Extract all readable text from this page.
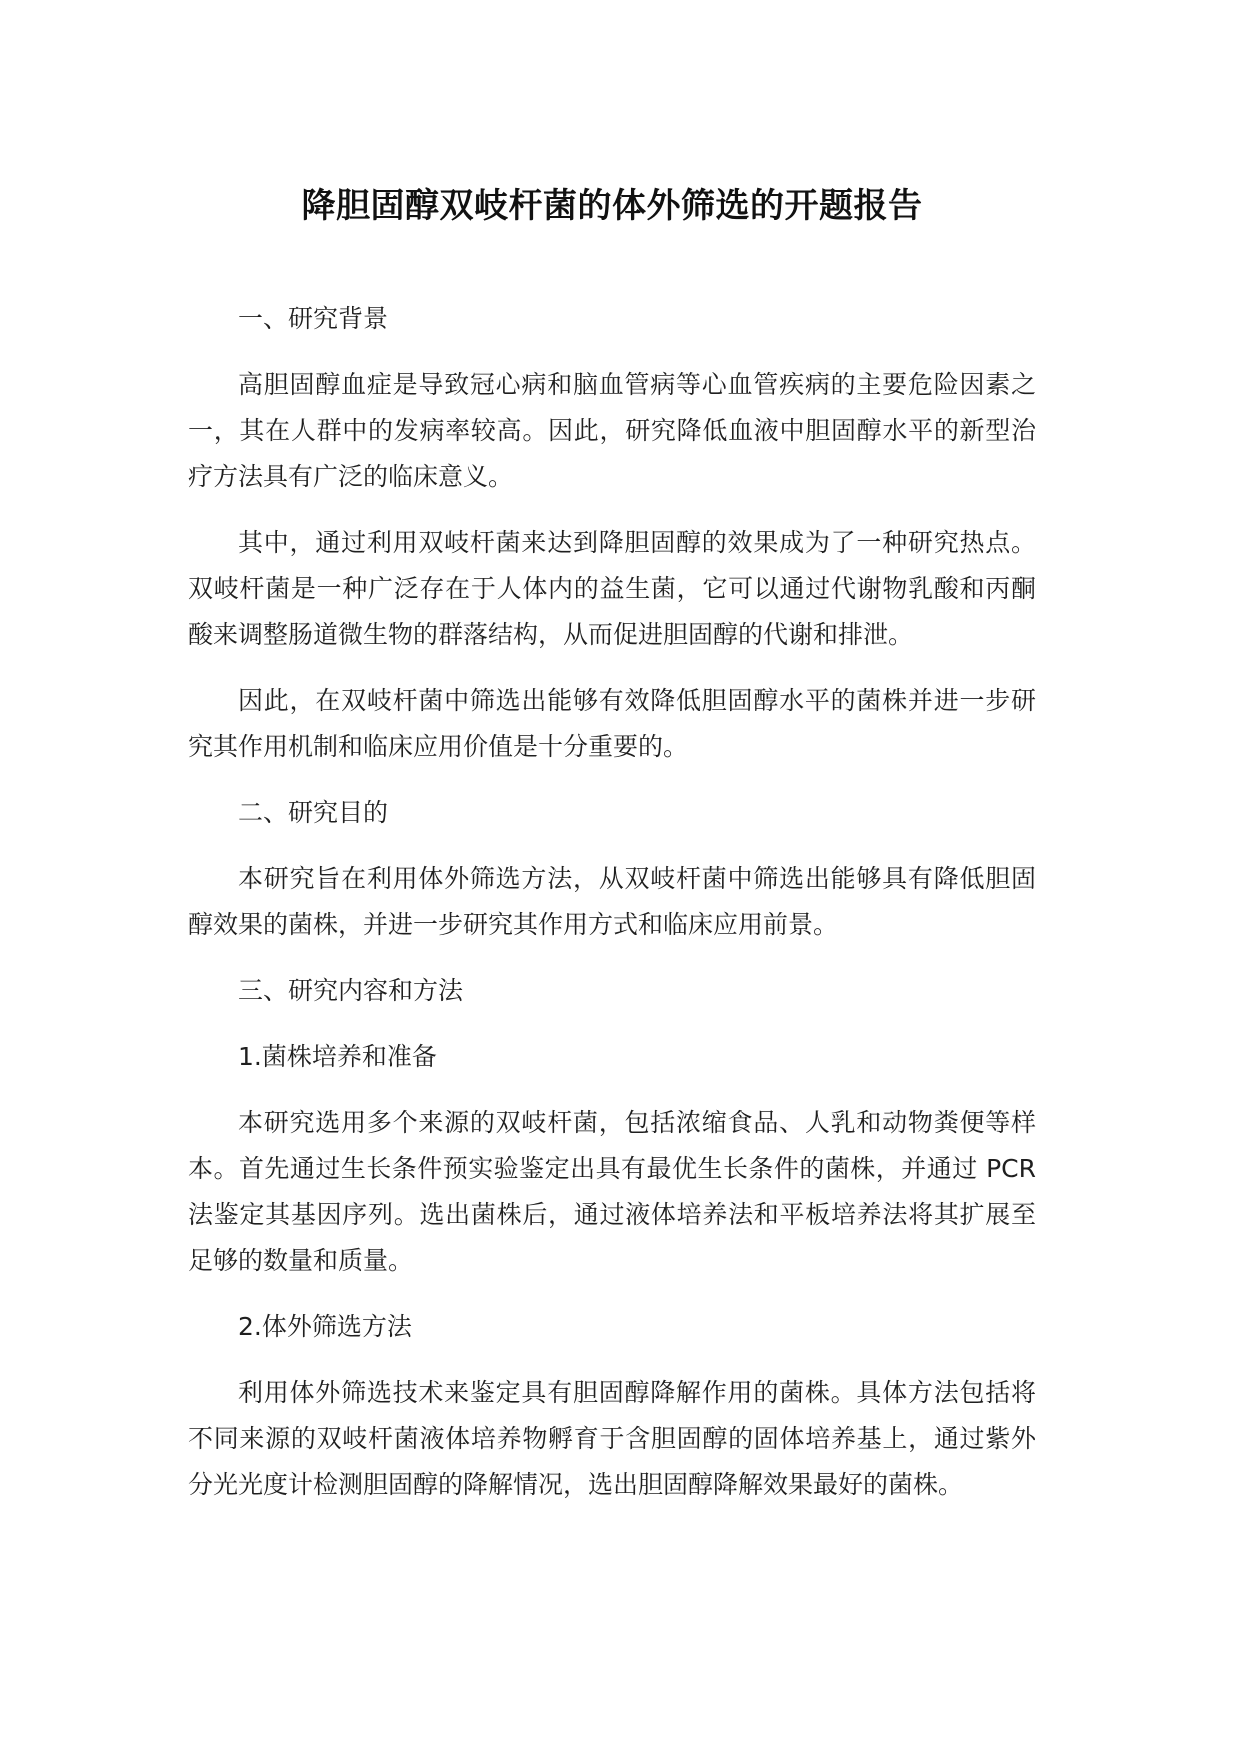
降胆固醇双岐杆菌的体外筛选的开题报告

一、研究背景

高胆固醇血症是导致冠心病和脑血管病等心血管疾病的主要危险因素之一，其在人群中的发病率较高。因此，研究降低血液中胆固醇水平的新型治疗方法具有广泛的临床意义。

其中，通过利用双岐杆菌来达到降胆固醇的效果成为了一种研究热点。双岐杆菌是一种广泛存在于人体内的益生菌，它可以通过代谢物乳酸和丙酮酸来调整肠道微生物的群落结构，从而促进胆固醇的代谢和排泄。

因此，在双岐杆菌中筛选出能够有效降低胆固醇水平的菌株并进一步研究其作用机制和临床应用价值是十分重要的。

二、研究目的

本研究旨在利用体外筛选方法，从双岐杆菌中筛选出能够具有降低胆固醇效果的菌株，并进一步研究其作用方式和临床应用前景。

三、研究内容和方法

1.菌株培养和准备

本研究选用多个来源的双岐杆菌，包括浓缩食品、人乳和动物粪便等样本。首先通过生长条件预实验鉴定出具有最优生长条件的菌株，并通过 PCR 法鉴定其基因序列。选出菌株后，通过液体培养法和平板培养法将其扩展至足够的数量和质量。

2.体外筛选方法

利用体外筛选技术来鉴定具有胆固醇降解作用的菌株。具体方法包括将不同来源的双岐杆菌液体培养物孵育于含胆固醇的固体培养基上，通过紫外分光光度计检测胆固醇的降解情况，选出胆固醇降解效果最好的菌株。
